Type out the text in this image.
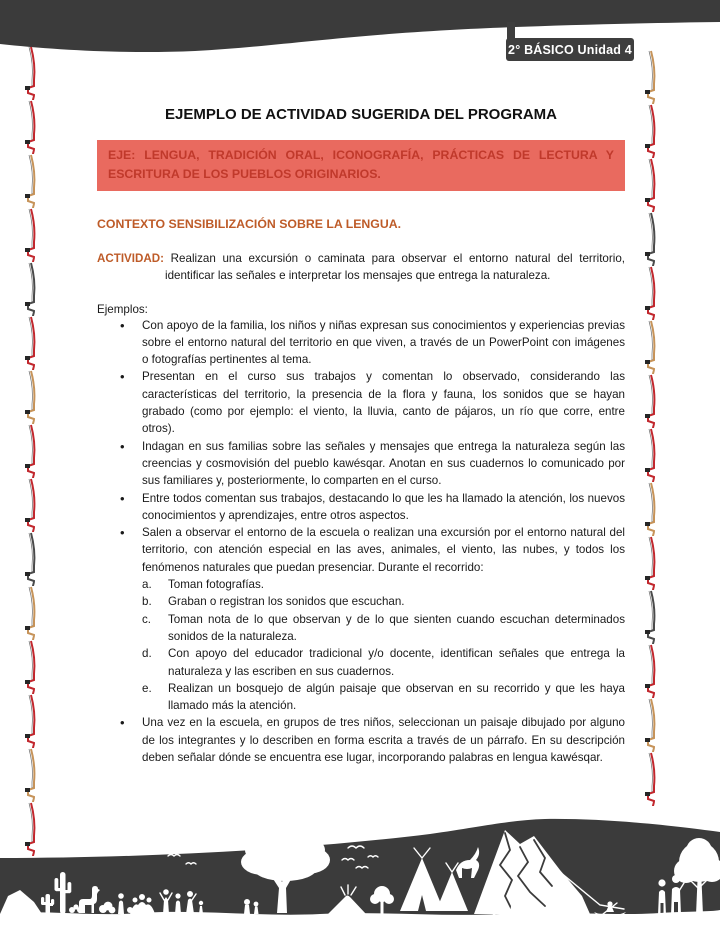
2° BÁSICO Unidad 4
EJEMPLO DE ACTIVIDAD SUGERIDA DEL PROGRAMA
EJE: LENGUA, TRADICIÓN ORAL, ICONOGRAFÍA, PRÁCTICAS DE LECTURA Y ESCRITURA DE LOS PUEBLOS ORIGINARIOS.

CONTEXTO SENSIBILIZACIÓN SOBRE LA LENGUA.

ACTIVIDAD: Realizan una excursión o caminata para observar el entorno natural del territorio, identificar las señales e interpretar los mensajes que entrega la naturaleza.

Ejemplos:

• Con apoyo de la familia, los niños y niñas expresan sus conocimientos y experiencias previas sobre el entorno natural del territorio en que viven, a través de un PowerPoint con imágenes o fotografías pertinentes al tema.
• Presentan en el curso sus trabajos y comentan lo observado, considerando las características del territorio, la presencia de la flora y fauna, los sonidos que se hayan grabado (como por ejemplo: el viento, la lluvia, canto de pájaros, un río que corre, entre otros).
• Indagan en sus familias sobre las señales y mensajes que entrega la naturaleza según las creencias y cosmovisión del pueblo kawésqar. Anotan en sus cuadernos lo comunicado por sus familiares y, posteriormente, lo comparten en el curso.
• Entre todos comentan sus trabajos, destacando lo que les ha llamado la atención, los nuevos conocimientos y aprendizajes, entre otros aspectos.
• Salen a observar el entorno de la escuela o realizan una excursión por el entorno natural del territorio, con atención especial en las aves, animales, el viento, las nubes, y todos los fenómenos naturales que puedan presenciar. Durante el recorrido:
Toman fotografías.
Graban o registran los sonidos que escuchan.
Toman nota de lo que observan y de lo que sienten cuando escuchan determinados sonidos de la naturaleza.
Con apoyo del educador tradicional y/o docente, identifican señales que entrega la naturaleza y las escriben en sus cuadernos.
Realizan un bosquejo de algún paisaje que observan en su recorrido y que les haya llamado más la atención.
• Una vez en la escuela, en grupos de tres niños, seleccionan un paisaje dibujado por alguno de los integrantes y lo describen en forma escrita a través de un párrafo. En su descripción deben señalar dónde se encuentra ese lugar, incorporando palabras en lengua kawésqar.
